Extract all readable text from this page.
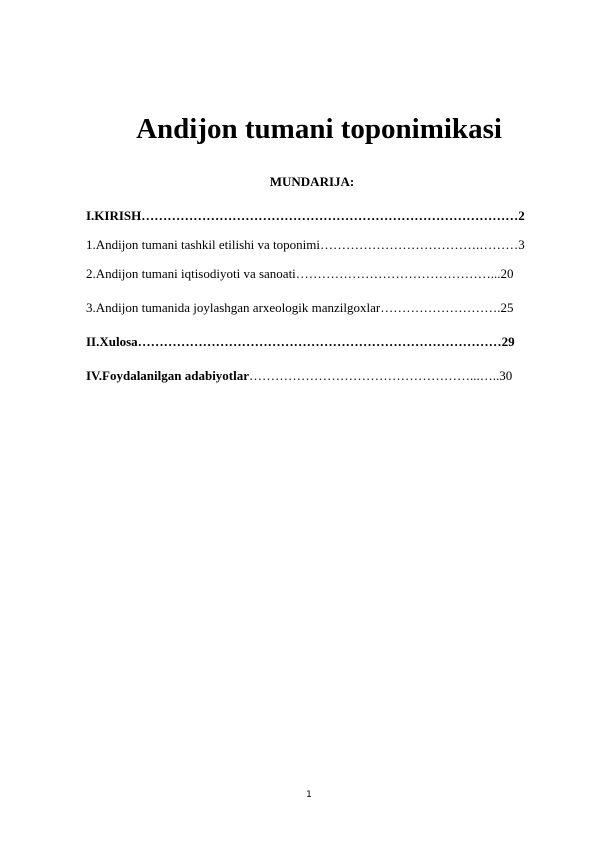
Andijon tumani toponimikasi
MUNDARIJA:
I.KIRISH……………………………………………………………………………2
1.Andijon tumani tashkil etilishi va toponimi……………………………….………3
2.Andijon tumani iqtisodiyoti va sanoati………………………………………...20
3.Andijon tumanida joylashgan arxeologik manzilgoxlar……………………….25
II.Xulosa…………………………………………………………………………29
IV.Foydalanilgan adabiyotlar……………………………………………...…..30
1
